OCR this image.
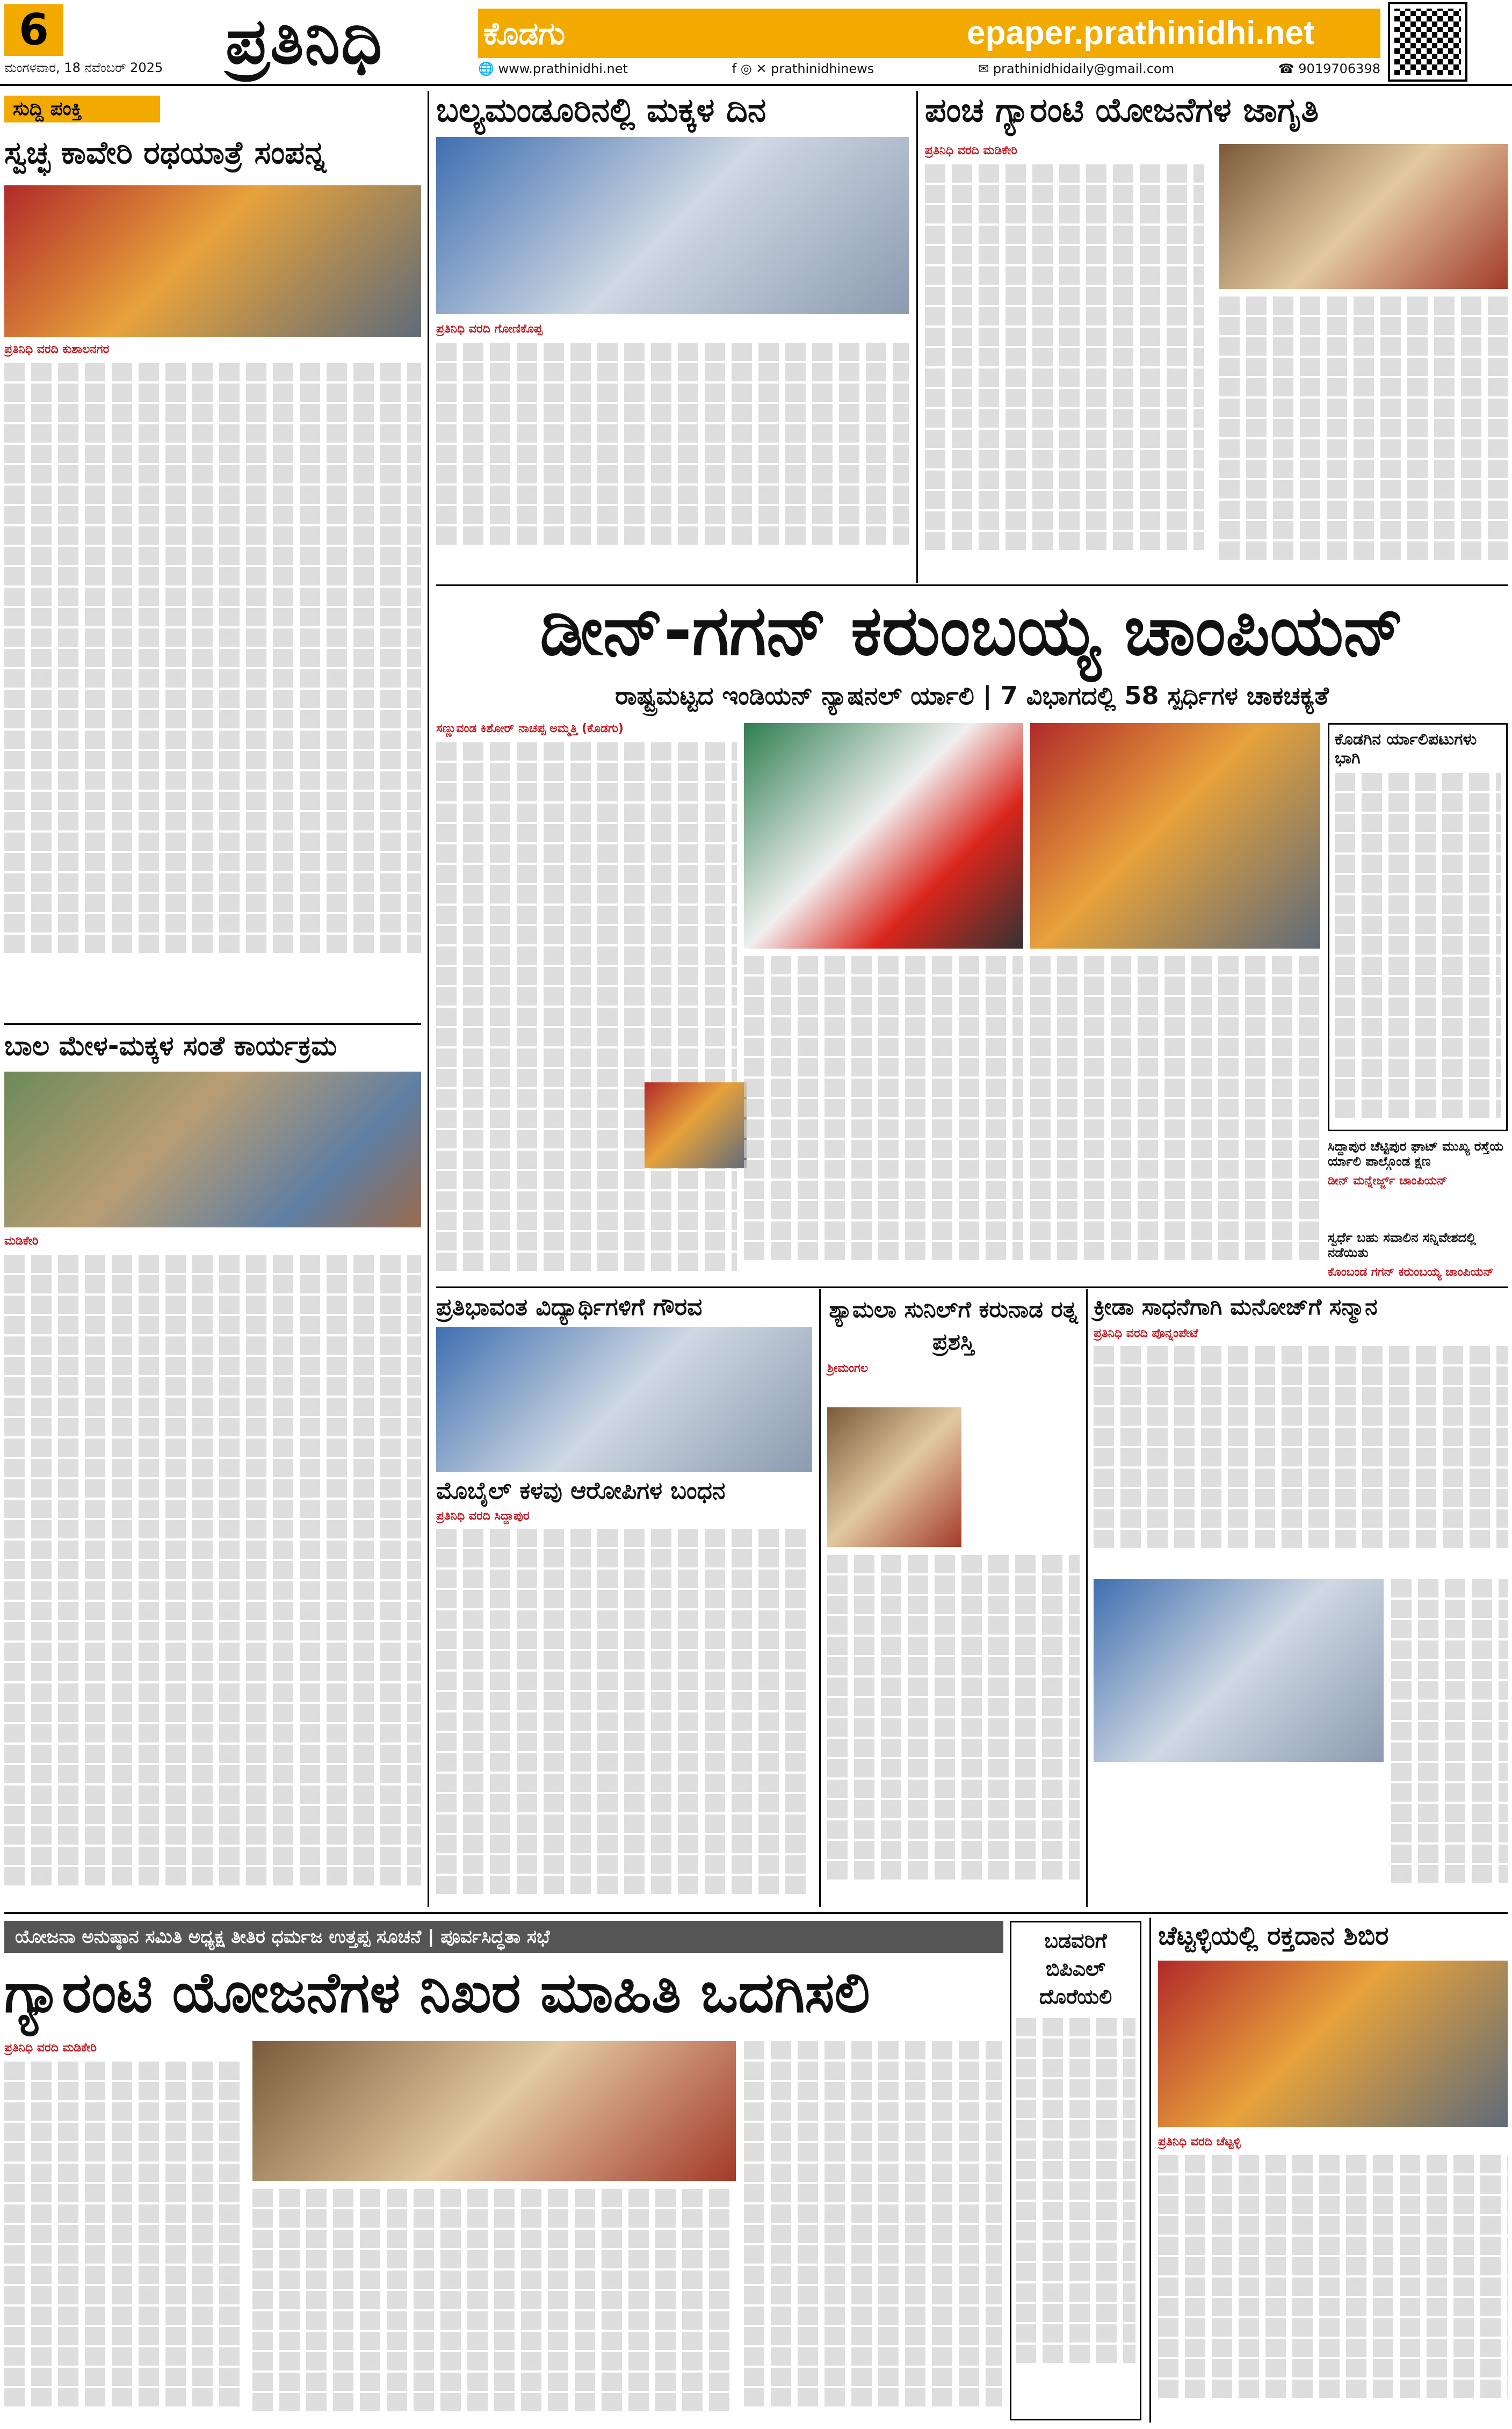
6
ಮಂಗಳವಾರ, 18 ನವೆಂಬರ್ 2025 ಪ್ರತಿನಿಧಿ	ಕೊಡಗು	epaper.prathinidhi.net
🌐 www.prathinidhi.net	f ◎ ✕ prathinidhinews	✉ prathinidhidaily@gmail.com	☎ 9019706398
ಸುದ್ದಿ ಪಂಕ್ತಿ
ಸ್ವಚ್ಛ ಕಾವೇರಿ ರಥಯಾತ್ರೆ ಸಂಪನ್ನ
ಪ್ರತಿನಿಧಿ ವರದಿ ಕುಶಾಲನಗರ
ಬಾಲ ಮೇಳ-ಮಕ್ಕಳ ಸಂತೆ ಕಾರ್ಯಕ್ರಮ
ಮಡಿಕೇರಿ
ಬಲ್ಯಮಂಡೂರಿನಲ್ಲಿ ಮಕ್ಕಳ ದಿನ
ಪ್ರತಿನಿಧಿ ವರದಿ ಗೋಣಿಕೊಪ್ಪ
ಪಂಚ ಗ್ಯಾರಂಟಿ ಯೋಜನೆಗಳ ಜಾಗೃತಿ
ಪ್ರತಿನಿಧಿ ವರದಿ ಮಡಿಕೇರಿ
ಡೀನ್-ಗಗನ್ ಕರುಂಬಯ್ಯ ಚಾಂಪಿಯನ್
ರಾಷ್ಟ್ರಮಟ್ಟದ ಇಂಡಿಯನ್ ನ್ಯಾಷನಲ್ ರ್ಯಾಲಿ | 7 ವಿಭಾಗದಲ್ಲಿ 58 ಸ್ಪರ್ಧಿಗಳ ಚಾಕಚಕ್ಯತೆ
ಸಣ್ಣುವಂಡ ಕಿಶೋರ್ ನಾಚಪ್ಪ ಅಮ್ಮತ್ತಿ (ಕೊಡಗು)
ಕೊಡಗಿನ ರ್ಯಾಲಿಪಟುಗಳು ಭಾಗಿ
ಸಿದ್ದಾಪುರ ಚೆಟ್ಟಿಪುರ ಘಾಟ್ ಮುಖ್ಯ ರಸ್ತೆಯ ರ್ಯಾಲಿ ಪಾಲ್ಗೊಂಡ ಕ್ಷಣ
ಡೀನ್ ಮನ್ನೇರ್ಜ್ಜ್ ಚಾಂಪಿಯನ್
ಸ್ವರ್ಧೆ ಬಹು ಸವಾಲಿನ ಸನ್ನಿವೇಶದಲ್ಲಿ ನಡೆಯಿತು
ಕೊಂಬಂಡ ಗಗನ್ ಕರುಂಬಯ್ಯ ಚಾಂಪಿಯನ್
ಪ್ರತಿಭಾವಂತ ವಿದ್ಯಾರ್ಥಿಗಳಿಗೆ ಗೌರವ
ಮೊಬೈಲ್ ಕಳವು ಆರೋಪಿಗಳ ಬಂಧನ
ಪ್ರತಿನಿಧಿ ವರದಿ ಸಿದ್ದಾಪುರ
ಶ್ಯಾಮಲಾ ಸುನಿಲ್‌ಗೆ ಕರುನಾಡ ರತ್ನ ಪ್ರಶಸ್ತಿ
ಶ್ರೀಮಂಗಲ
ಕ್ರೀಡಾ ಸಾಧನೆಗಾಗಿ ಮನೋಜ್‌ಗೆ ಸನ್ಮಾನ
ಪ್ರತಿನಿಧಿ ವರದಿ ಪೊನ್ನಂಪೇಟೆ
ಯೋಜನಾ ಅನುಷ್ಠಾನ ಸಮಿತಿ ಅಧ್ಯಕ್ಷ ತೀತಿರ ಧರ್ಮಜ ಉತ್ತಪ್ಪ ಸೂಚನೆ | ಪೂರ್ವಸಿದ್ಧತಾ ಸಭೆ
ಗ್ಯಾರಂಟಿ ಯೋಜನೆಗಳ ನಿಖರ ಮಾಹಿತಿ ಒದಗಿಸಲಿ
ಪ್ರತಿನಿಧಿ ವರದಿ ಮಡಿಕೇರಿ
ಬಡವರಿಗೆ ಬಿಪಿಎಲ್ ದೊರೆಯಲಿ
ಚೆಟ್ಟಳ್ಳಿಯಲ್ಲಿ ರಕ್ತದಾನ ಶಿಬಿರ
ಪ್ರತಿನಿಧಿ ವರದಿ ಚೆಟ್ಟಳ್ಳಿ
